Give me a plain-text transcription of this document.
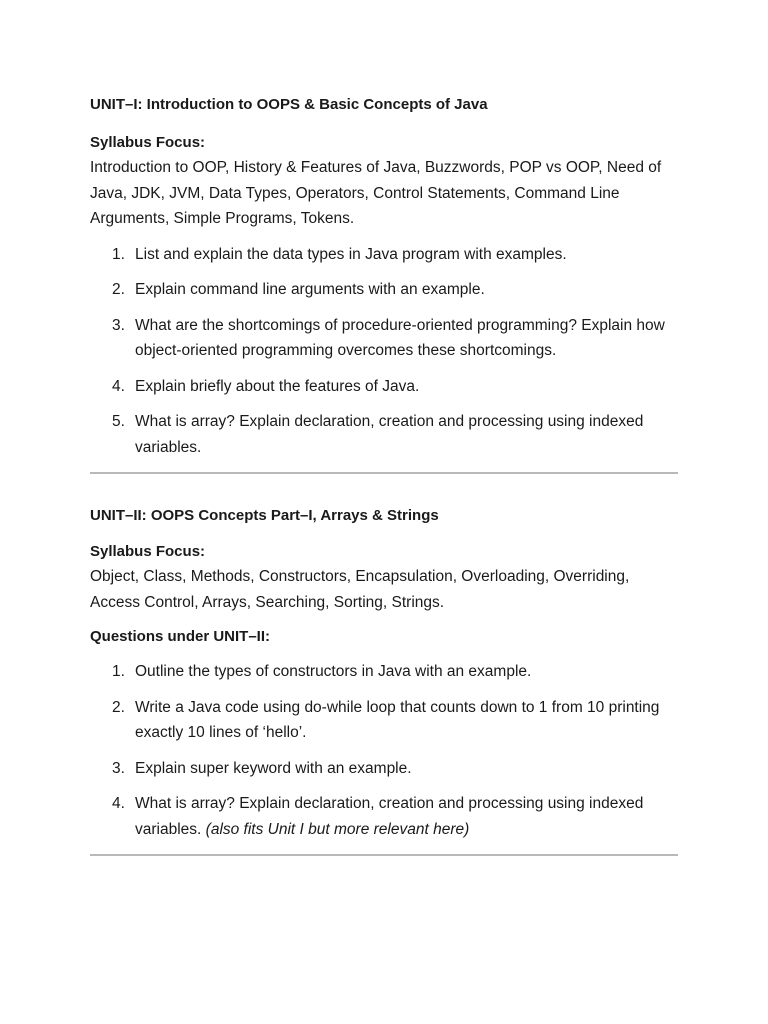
UNIT–I: Introduction to OOPS & Basic Concepts of Java
Syllabus Focus:

Introduction to OOP, History & Features of Java, Buzzwords, POP vs OOP, Need of Java, JDK, JVM, Data Types, Operators, Control Statements, Command Line Arguments, Simple Programs, Tokens.

1. List and explain the data types in Java program with examples.
2. Explain command line arguments with an example.
3. What are the shortcomings of procedure-oriented programming? Explain how object-oriented programming overcomes these shortcomings.
4. Explain briefly about the features of Java.
5. What is array? Explain declaration, creation and processing using indexed variables.
UNIT–II: OOPS Concepts Part–I, Arrays & Strings
Syllabus Focus:

Object, Class, Methods, Constructors, Encapsulation, Overloading, Overriding, Access Control, Arrays, Searching, Sorting, Strings.

Questions under UNIT–II:
1. Outline the types of constructors in Java with an example.
2. Write a Java code using do-while loop that counts down to 1 from 10 printing exactly 10 lines of ‘hello’.
3. Explain super keyword with an example.
4. What is array? Explain declaration, creation and processing using indexed variables. (also fits Unit I but more relevant here)
